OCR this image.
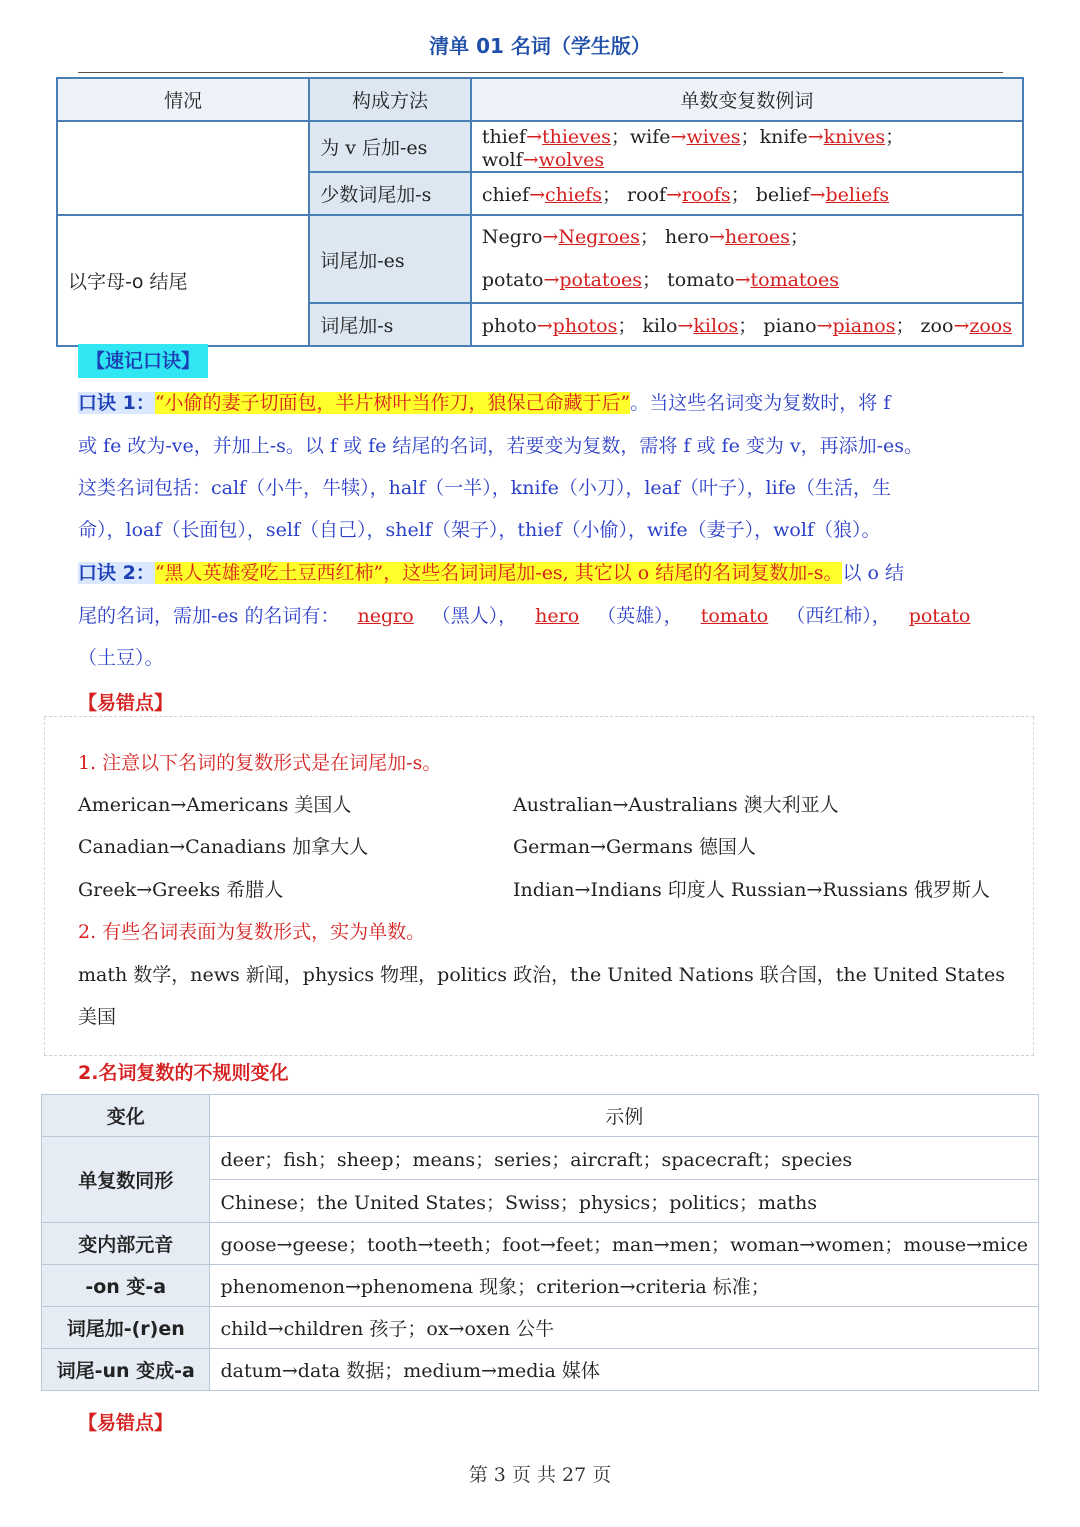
清单 01 名词（学生版）
情况	构成方法	单数变复数例词
	为 v 后加-es	thief→thieves；wife→wives；knife→knives；wolf→wolves
	少数词尾加-s	chief→chiefs； roof→roofs； belief→beliefs
以字母-o 结尾	词尾加-es	Negro→Negroes； hero→heroes；
potato→potatoes； tomato→tomatoes
	词尾加-s	photo→photos； kilo→kilos； piano→pianos； zoo→zoos
【速记口诀】
口诀 1：“小偷的妻子切面包，半片树叶当作刀，狼保己命藏于后”。当这些名词变为复数时，将 f
或 fe 改为-ve，并加上-s。以 f 或 fe 结尾的名词，若要变为复数，需将 f 或 fe 变为 v，再添加-es。
这类名词包括：calf（小牛，牛犊），half（一半），knife（小刀），leaf（叶子），life（生活，生
命），loaf（长面包），self（自己），shelf（架子），thief（小偷），wife（妻子），wolf（狼）。
口诀 2：“黑人英雄爱吃土豆西红柿”，这些名词词尾加-es, 其它以 o 结尾的名词复数加-s。以 o 结
尾的名词，需加-es 的名词有： negro （黑人）， hero （英雄）， tomato （西红柿）， potato
（土豆）。
【易错点】
1. 注意以下名词的复数形式是在词尾加-s。
American→Americans 美国人
Canadian→Canadians 加拿大人
Greek→Greeks 希腊人
Australian→Australians 澳大利亚人
German→Germans 德国人
Indian→Indians 印度人 Russian→Russians 俄罗斯人
2. 有些名词表面为复数形式，实为单数。
math 数学，news 新闻，physics 物理，politics 政治，the United Nations 联合国，the United States
美国
2.名词复数的不规则变化
变化	示例
单复数同形	deer；fish；sheep；means；series；aircraft；spacecraft；species
	Chinese；the United States；Swiss；physics；politics；maths
变内部元音	goose→geese；tooth→teeth；foot→feet；man→men；woman→women；mouse→mice
-on 变-a	phenomenon→phenomena 现象；criterion→criteria 标准；
词尾加-(r)en	child→children 孩子；ox→oxen 公牛
词尾-un 变成-a	datum→data 数据；medium→media 媒体
【易错点】
第 3 页 共 27 页
